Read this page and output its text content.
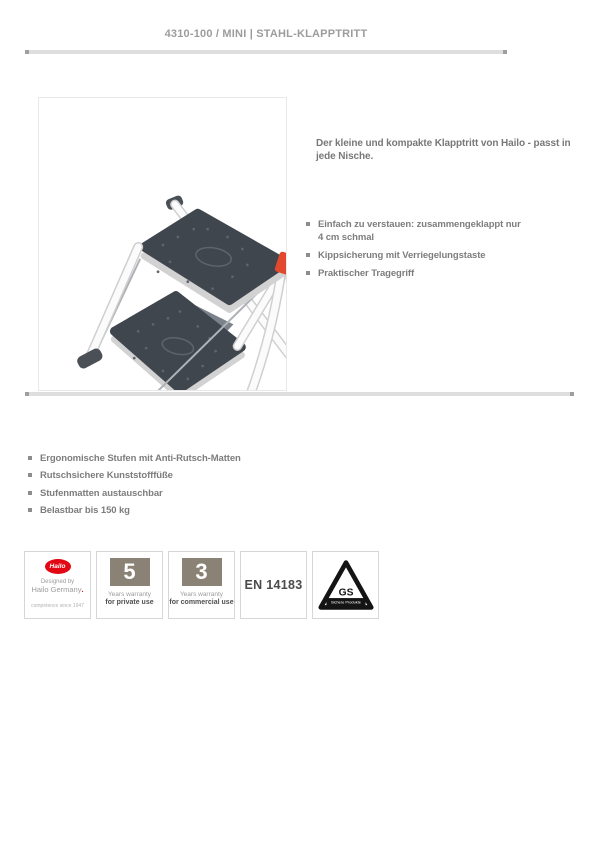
4310-100 / MINI | STAHL-KLAPPTRITT
Der kleine und kompakte Klapptritt von Hailo - passt in jede Nische.
Einfach zu verstauen: zusammengeklappt nur 4 cm schmal
Kippsicherung mit Verriegelungstaste
Praktischer Tragegriff
Ergonomische Stufen mit Anti-Rutsch-Matten
Rutschsichere Kunststofffüße
Stufenmatten austauschbar
Belastbar bis 150 kg
Hailo
Designed by
Hailo Germany.
competence since 1947
5
Years warranty
for private use
3
Years warranty
for commercial use
EN 14183
GS
Sichere Produkte
